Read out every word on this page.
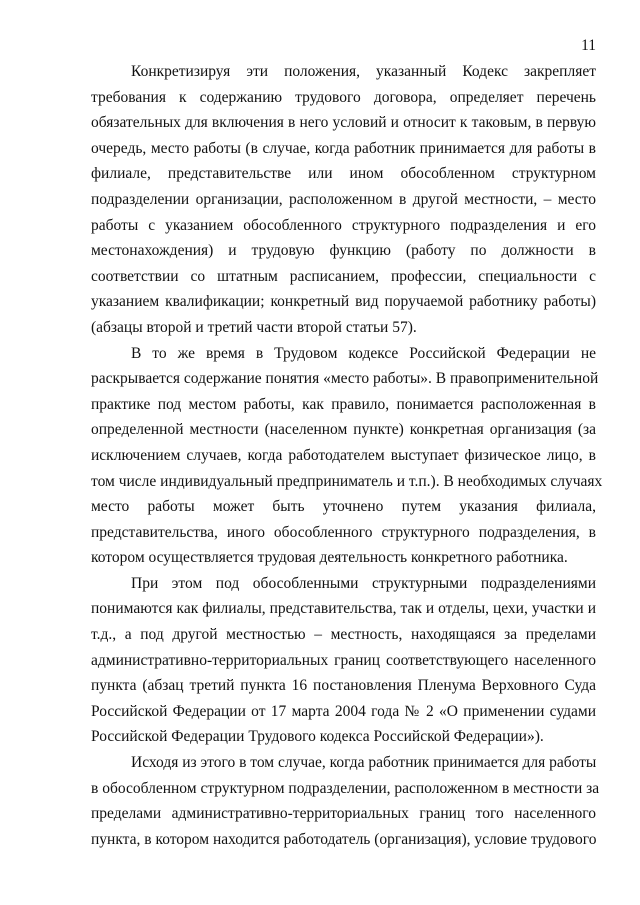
11

Конкретизируя эти положения, указанный Кодекс закрепляет
требования к содержанию трудового договора, определяет перечень
обязательных для включения в него условий и относит к таковым, в первую
очередь, место работы (в случае, когда работник принимается для работы в
филиале, представительстве или ином обособленном структурном
подразделении организации, расположенном в другой местности, – место
работы с указанием обособленного структурного подразделения и его
местонахождения) и трудовую функцию (работу по должности в
соответствии со штатным расписанием, профессии, специальности с
указанием квалификации; конкретный вид поручаемой работнику работы)
(абзацы второй и третий части второй статьи 57).

В то же время в Трудовом кодексе Российской Федерации не
раскрывается содержание понятия «место работы». В правоприменительной
практике под местом работы, как правило, понимается расположенная в
определенной местности (населенном пункте) конкретная организация (за
исключением случаев, когда работодателем выступает физическое лицо, в
том числе индивидуальный предприниматель и т.п.). В необходимых случаях
место работы может быть уточнено путем указания филиала,
представительства, иного обособленного структурного подразделения, в
котором осуществляется трудовая деятельность конкретного работника.

При этом под обособленными структурными подразделениями
понимаются как филиалы, представительства, так и отделы, цехи, участки и
т.д., а под другой местностью – местность, находящаяся за пределами
административно-территориальных границ соответствующего населенного
пункта (абзац третий пункта 16 постановления Пленума Верховного Суда
Российской Федерации от 17 марта 2004 года № 2 «О применении судами
Российской Федерации Трудового кодекса Российской Федерации»).

Исходя из этого в том случае, когда работник принимается для работы
в обособленном структурном подразделении, расположенном в местности за
пределами административно-территориальных границ того населенного
пункта, в котором находится работодатель (организация), условие трудового
